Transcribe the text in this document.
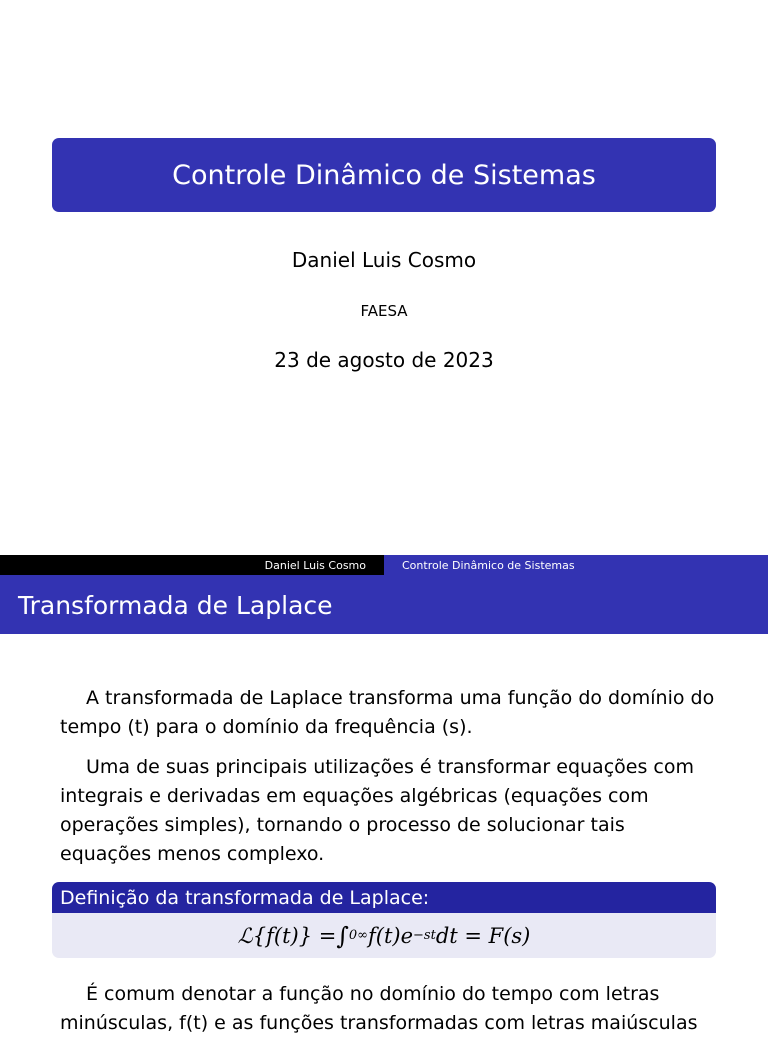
Controle Dinâmico de Sistemas
Daniel Luis Cosmo
FAESA
23 de agosto de 2023
Daniel Luis Cosmo	Controle Dinâmico de Sistemas
Transformada de Laplace

A transformada de Laplace transforma uma função do domínio do tempo (t) para o domínio da frequência (s).

Uma de suas principais utilizações é transformar equações com integrais e derivadas em equações algébricas (equações com operações simples), tornando o processo de solucionar tais equações menos complexo.

Definição da transformada de Laplace:
ℒ{f(t)} = ∫ 0 ∞ f(t)e −st dt = F(s)

É comum denotar a função no domínio do tempo com letras minúsculas, f(t) e as funções transformadas com letras maiúsculas
